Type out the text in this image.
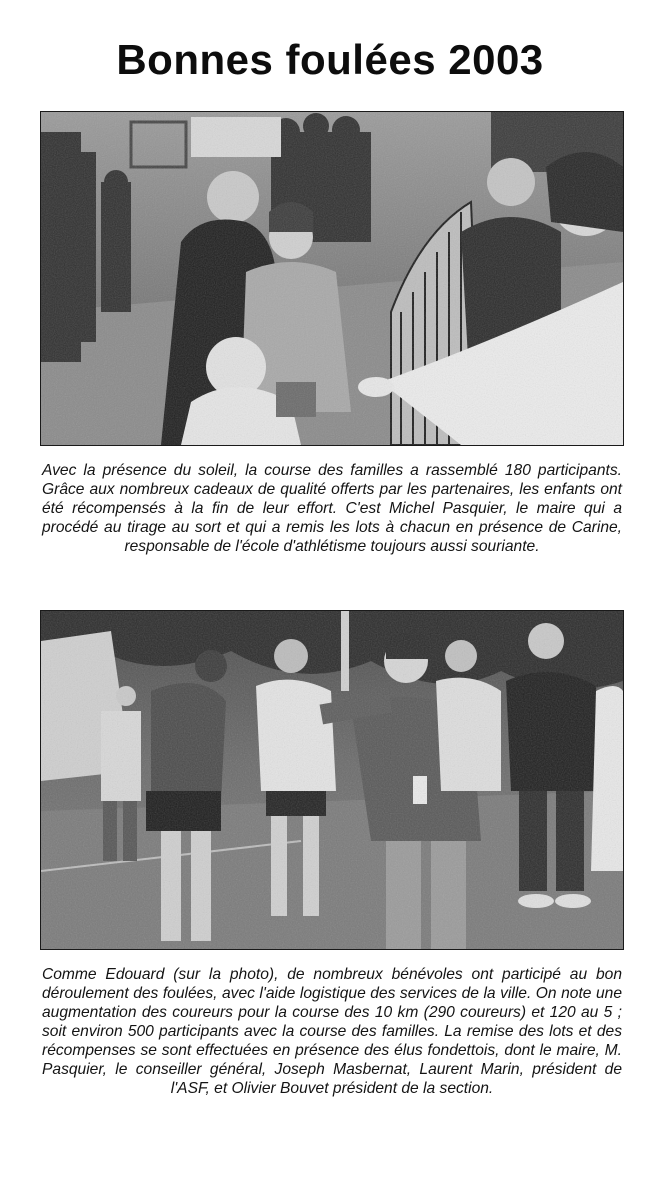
Bonnes foulées 2003

Avec la présence du soleil, la course des familles a rassemblé 180 participants. Grâce aux nombreux cadeaux de qualité offerts par les partenaires, les enfants ont été récompensés à la fin de leur effort. C'est Michel Pasquier, le maire qui a procédé au tirage au sort et qui a remis les lots à chacun en présence de Carine, responsable de l'école d'athlétisme toujours aussi souriante.

Comme Edouard (sur la photo), de nombreux bénévoles ont participé au bon déroulement des foulées, avec l'aide logistique des services de la ville. On note une augmentation des coureurs pour la course des 10 km (290 coureurs) et 120 au 5 ; soit environ 500 participants avec la course des familles. La remise des lots et des récompenses se sont effectuées en présence des élus fondettois, dont le maire, M. Pasquier, le conseiller général, Joseph Masbernat, Laurent Marin, président de l'ASF, et Olivier Bouvet président de la section.
